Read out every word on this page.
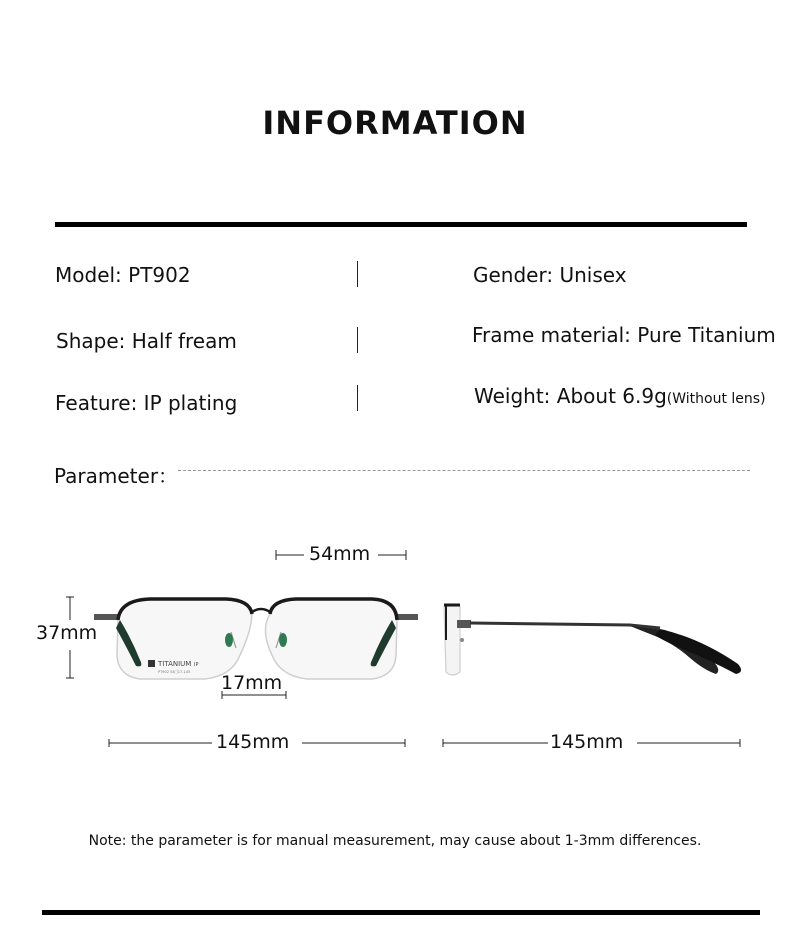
INFORMATION
Model: PT902	Gender: Unisex
Shape: Half fream	Frame material: Pure Titanium
Feature: IP plating	Weight: About 6.9g(Without lens)
Parameter：
TITANIUM IP
PT902 54□17-145
54mm
37mm
17mm
145mm	145mm
Note: the parameter is for manual measurement, may cause about 1-3mm differences.
